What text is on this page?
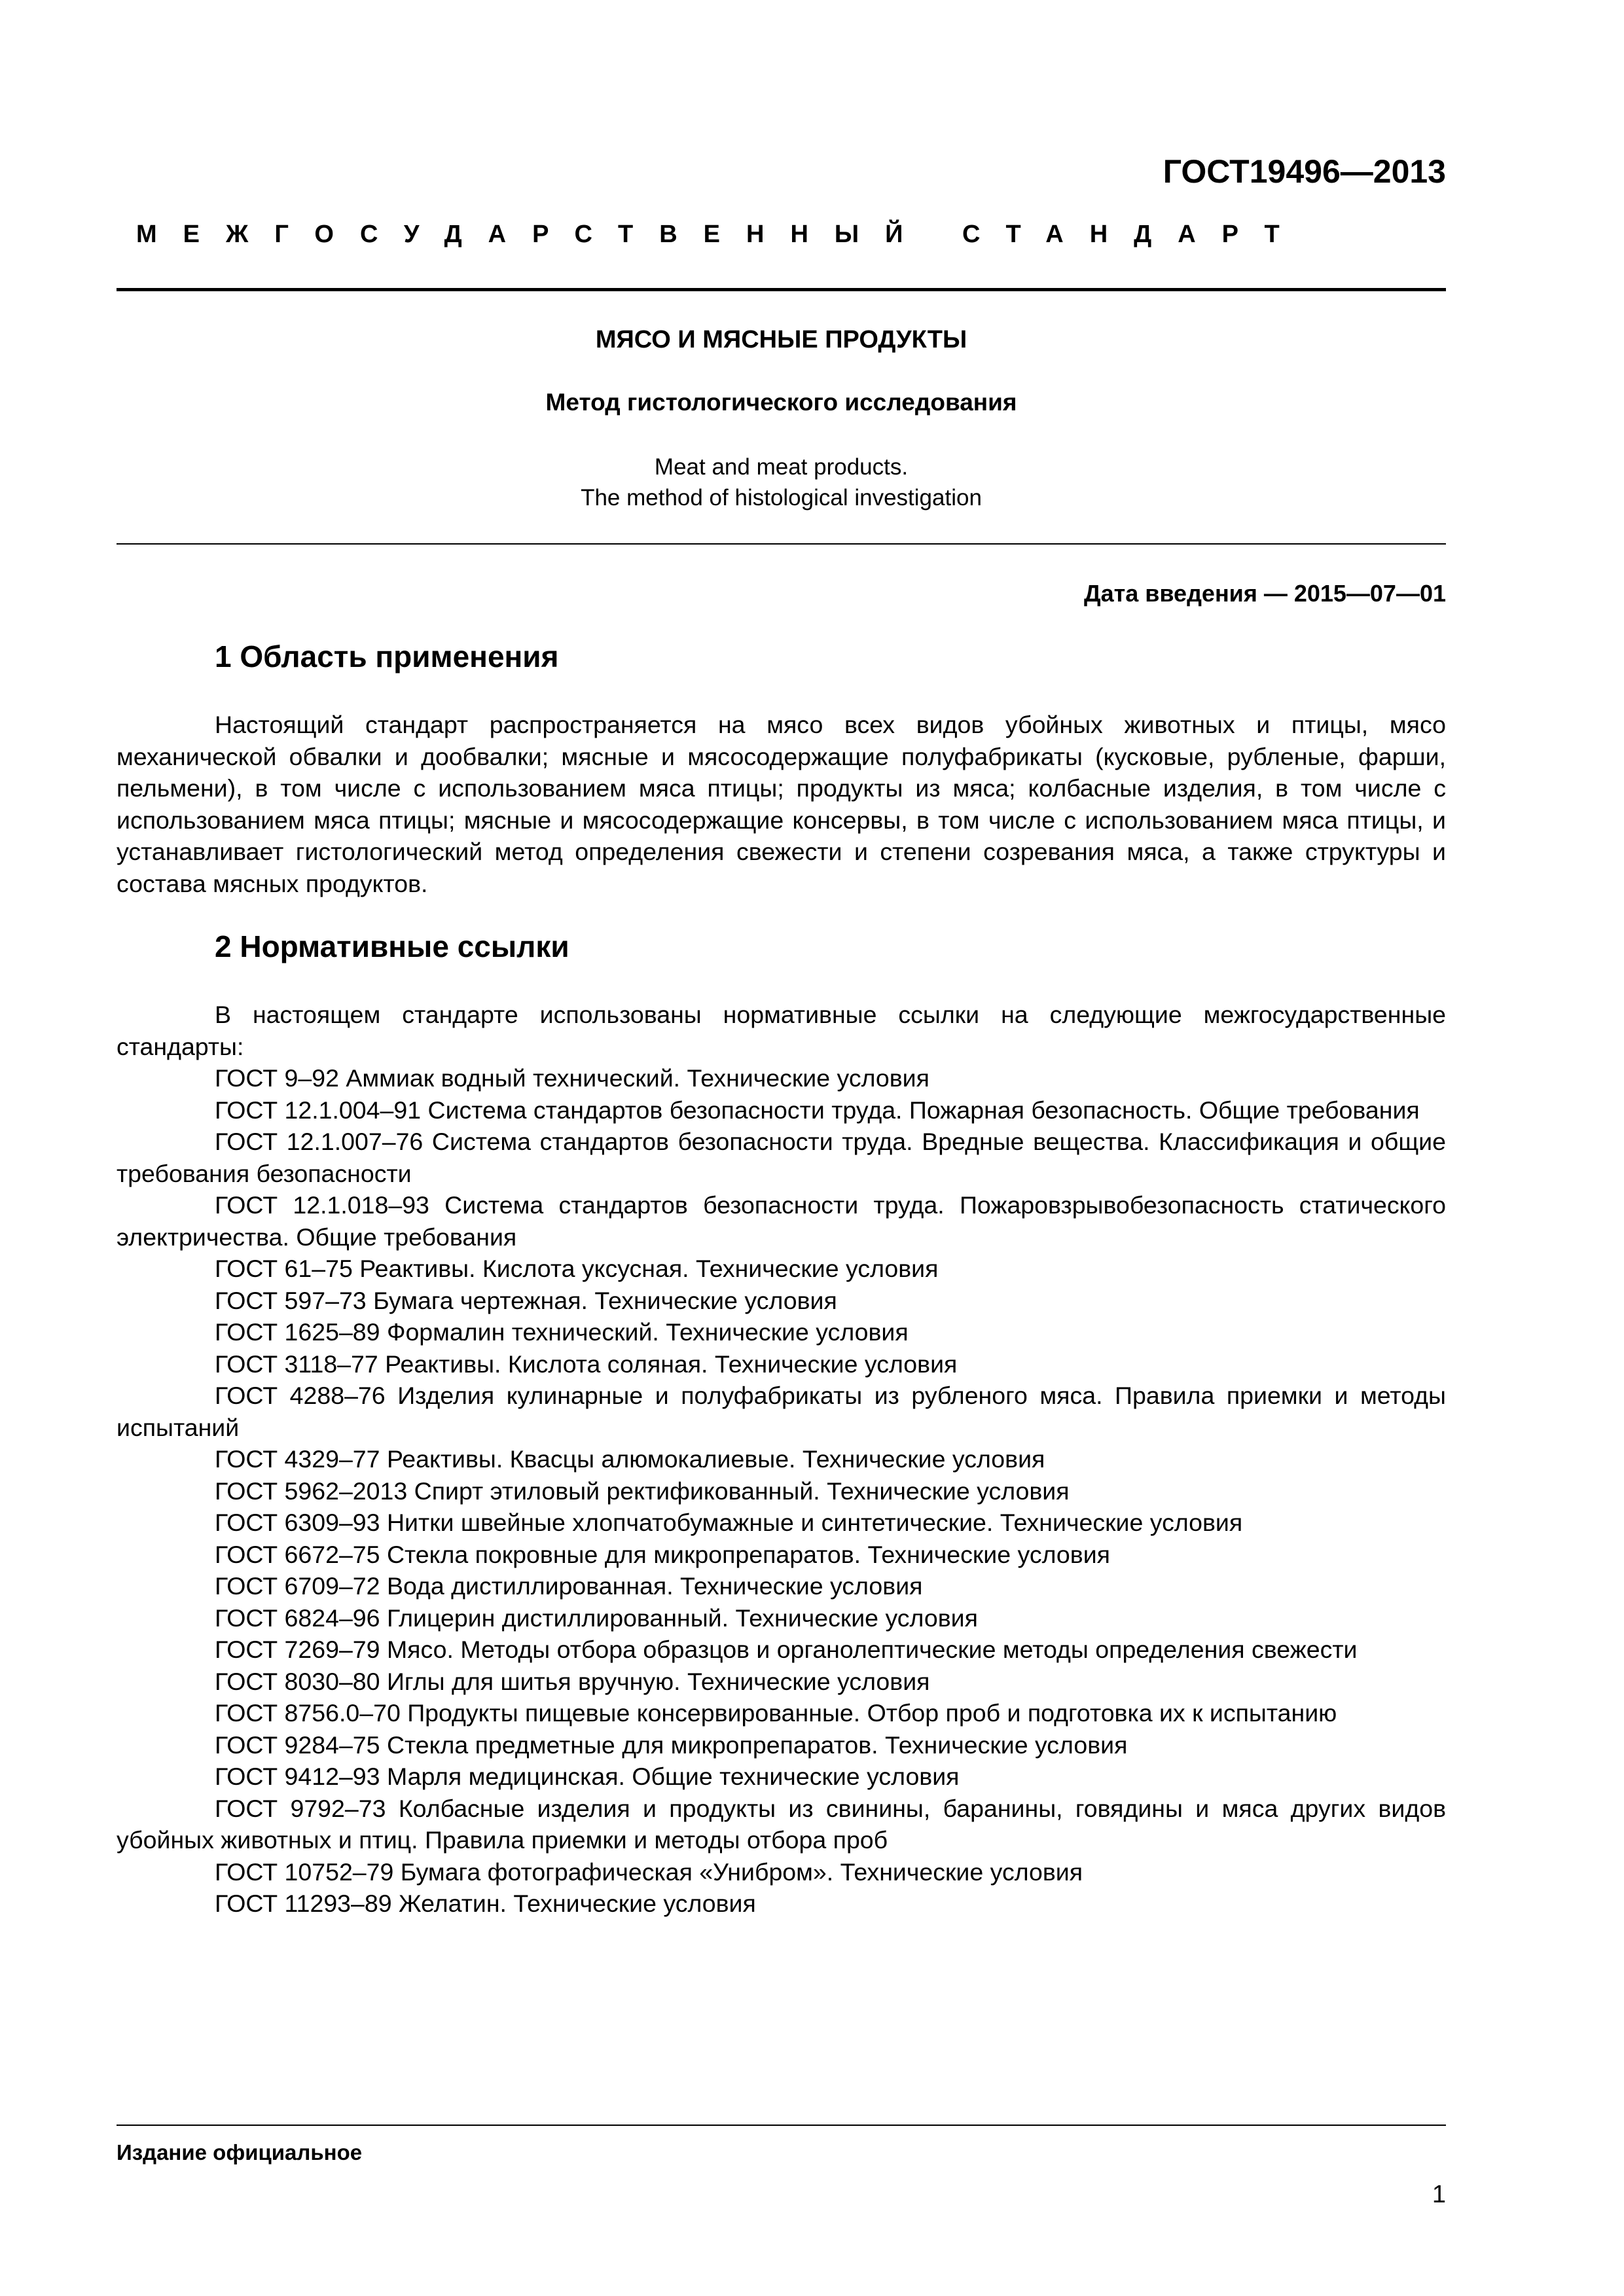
ГОСТ19496—2013
МЕЖГОСУДАРСТВЕННЫЙ СТАНДАРТ
МЯСО И МЯСНЫЕ ПРОДУКТЫ
Метод гистологического исследования
Meat and meat products.
The method of histological investigation
Дата введения — 2015—07—01
1 Область применения

Настоящий стандарт распространяется на мясо всех видов убойных животных и птицы, мясо механической обвалки и дообвалки; мясные и мясосодержащие полуфабрикаты (кусковые, рубленые, фарши, пельмени), в том числе с использованием мяса птицы; продукты из мяса; колбасные изделия, в том числе с использованием мяса птицы; мясные и мясосодержащие консервы, в том числе с использованием мяса птицы, и устанавливает гистологический метод определения свежести и степени созревания мяса, а также структуры и состава мясных продуктов.

2 Нормативные ссылки

В настоящем стандарте использованы нормативные ссылки на следующие межгосударственные стандарты:

ГОСТ 9–92 Аммиак водный технический. Технические условия

ГОСТ 12.1.004–91 Система стандартов безопасности труда. Пожарная безопасность. Общие требования

ГОСТ 12.1.007–76 Система стандартов безопасности труда. Вредные вещества. Классификация и общие требования безопасности

ГОСТ 12.1.018–93 Система стандартов безопасности труда. Пожаровзрывобезопасность статического электричества. Общие требования

ГОСТ 61–75 Реактивы. Кислота уксусная. Технические условия

ГОСТ 597–73 Бумага чертежная. Технические условия

ГОСТ 1625–89 Формалин технический. Технические условия

ГОСТ 3118–77 Реактивы. Кислота соляная. Технические условия

ГОСТ 4288–76 Изделия кулинарные и полуфабрикаты из рубленого мяса. Правила приемки и методы испытаний

ГОСТ 4329–77 Реактивы. Квасцы алюмокалиевые. Технические условия

ГОСТ 5962–2013 Спирт этиловый ректификованный. Технические условия

ГОСТ 6309–93 Нитки швейные хлопчатобумажные и синтетические. Технические условия

ГОСТ 6672–75 Стекла покровные для микропрепаратов. Технические условия

ГОСТ 6709–72 Вода дистиллированная. Технические условия

ГОСТ 6824–96 Глицерин дистиллированный. Технические условия

ГОСТ 7269–79 Мясо. Методы отбора образцов и органолептические методы определения свежести

ГОСТ 8030–80 Иглы для шитья вручную. Технические условия

ГОСТ 8756.0–70 Продукты пищевые консервированные. Отбор проб и подготовка их к испытанию

ГОСТ 9284–75 Стекла предметные для микропрепаратов. Технические условия

ГОСТ 9412–93 Марля медицинская. Общие технические условия

ГОСТ 9792–73 Колбасные изделия и продукты из свинины, баранины, говядины и мяса других видов убойных животных и птиц. Правила приемки и методы отбора проб

ГОСТ 10752–79 Бумага фотографическая «Унибром». Технические условия

ГОСТ 11293–89 Желатин. Технические условия

Издание официальное
1
